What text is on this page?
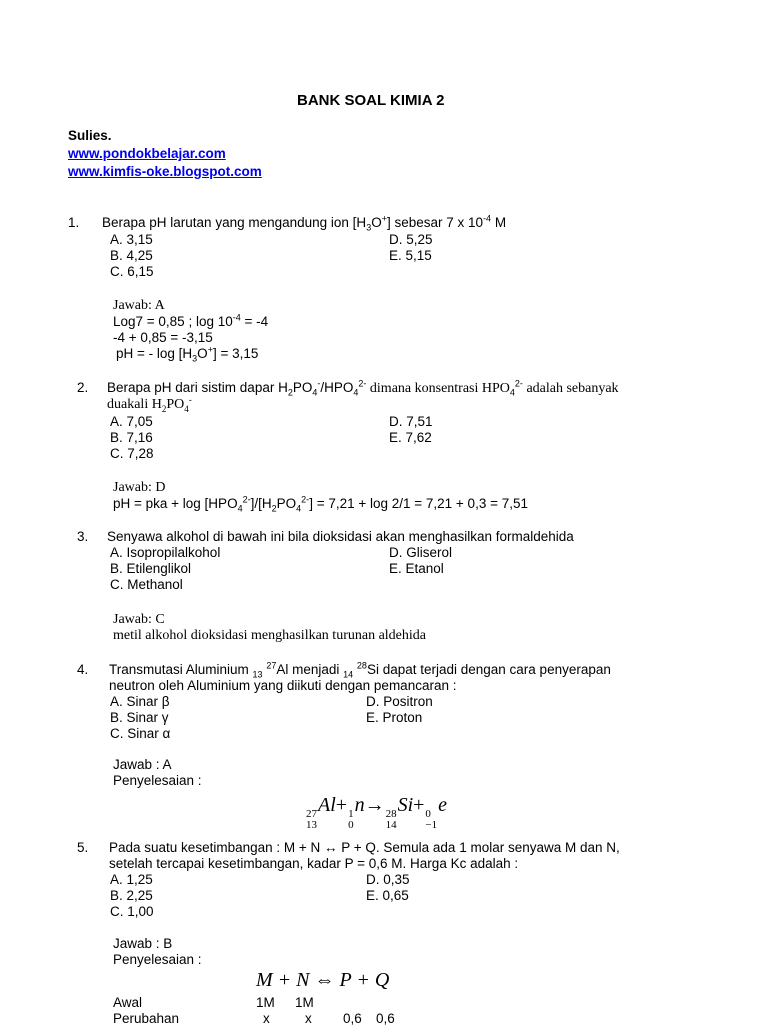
BANK SOAL KIMIA 2
Sulies.
www.pondokbelajar.com
www.kimfis-oke.blogspot.com
1. Berapa pH larutan yang mengandung ion $[H_3O^+]$ sebesar 7 x $10^{-4}$ M
A. 3,15
B. 4,25
C. 6,15
D. 5,25
E. 5,15
Jawab: A
Log7 = 0,85 ; $\log 10^{-4} = -4$
-4 + 0,85 = -3,15
pH = - $\log [H_3O^+] = 3,15$
2. Berapa pH dari sistim dapar $H_2PO_4^-/HPO_4^{2-}$ dimana konsentrasi $HPO_4^{2-}$ adalah sebanyak
duakali $H_2PO_4^-$
A. 7,05
B. 7,16
C. 7,28
D. 7,51
E. 7,62
Jawab: D
pH = pka + $\log [HPO_4^{2-}]/[H_2PO_4^{2-}] = 7,21 + \log 2/1 = 7,21 + 0,3 = 7,51$
3. Senyawa alkohol di bawah ini bila dioksidasi akan menghasilkan formaldehida
A. Isopropilalkohol
B. Etilenglikol
C. Methanol
D. Gliserol
E. Etanol
Jawab: C
metil alkohol dioksidasi menghasilkan turunan aldehida
4. Transmutasi Aluminium $_{13}$ $^{27}$Al menjadi $_{14}$ $^{28}$Si dapat terjadi dengan cara penyerapan
neutron oleh Aluminium yang diikuti dengan pemancaran :
A. Sinar β
B. Sinar γ
C. Sinar α
D. Positron
E. Proton
Jawab : A
Penyelesaian :
27
13
Al+ 1
0
n→ 28
14
Si+ 0
−1
e
5. Pada suatu kesetimbangan : M + N ↔ P + Q. Semula ada 1 molar senyawa M dan N,
setelah tercapai kesetimbangan, kadar P = 0,6 M. Harga Kc adalah :
A. 1,25
B. 2,25
C. 1,00
D. 0,35
E. 0,65
Jawab : B
Penyelesaian :
M + N ⇔ P + Q
Awal	1M 1M
Perubahan	x	x 0,6 0,6
